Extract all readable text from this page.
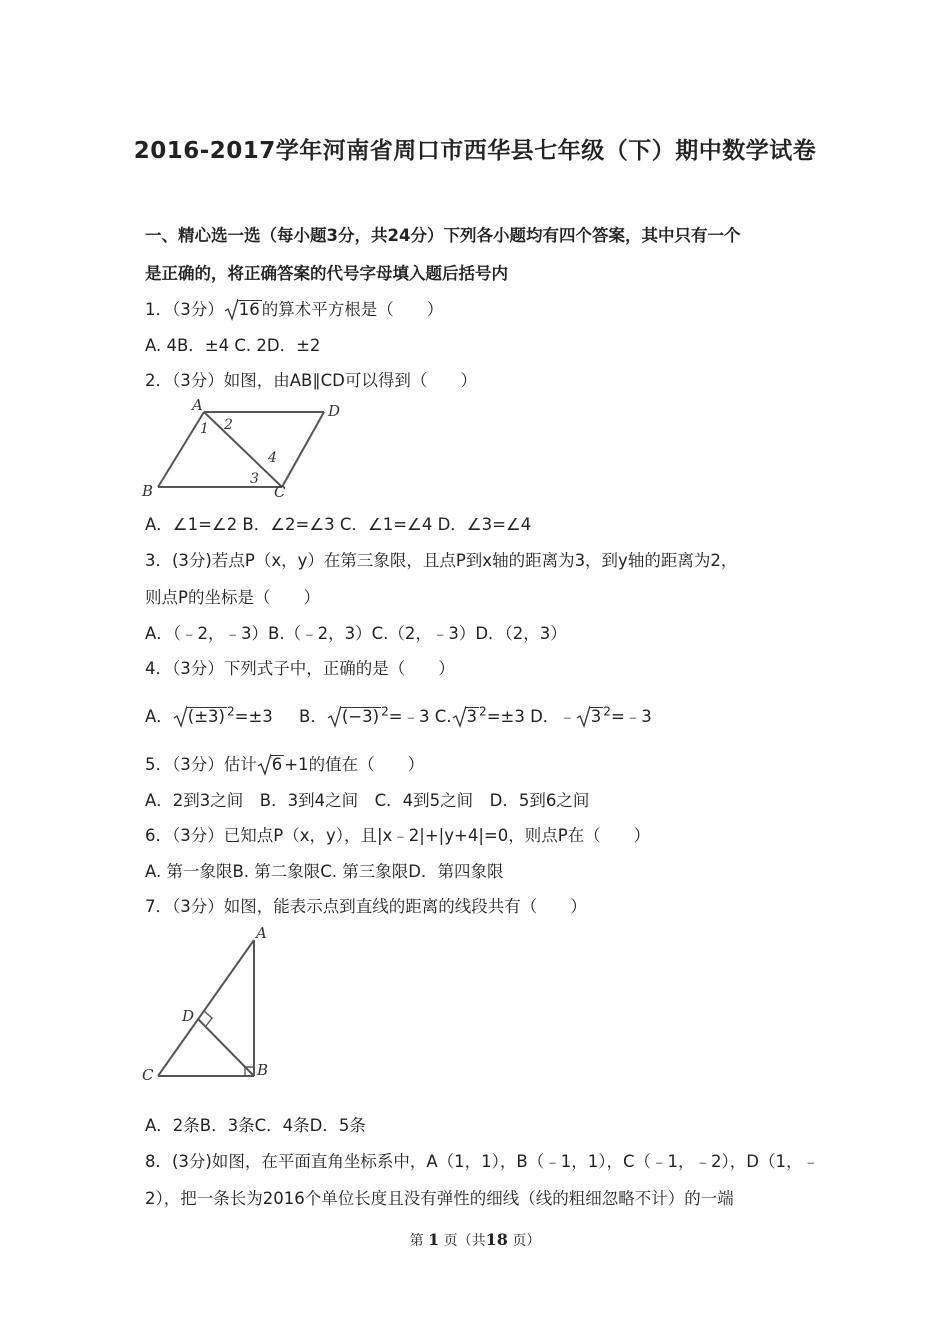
2016-2017学年河南省周口市西华县七年级（下）期中数学试卷
一、精心选一选（每小题3分，共24分）下列各小题均有四个答案，其中只有一个
是正确的，将正确答案的代号字母填入题后括号内
1．（3分） 16 的算术平方根是（　　）
A. 4B．±4 C. 2D．±2
2．（3分）如图，由AB∥CD可以得到（　　）
A	D
B	C
1 2
3
4
A．∠1=∠2 B．∠2=∠3 C．∠1=∠4 D．∠3=∠4
3．(3分)若点P（x，y）在第三象限，且点P到x轴的距离为3，到y轴的距离为2，
则点P的坐标是（　　）
A．（﹣2，﹣3）B.（﹣2，3）C.（2，﹣3）D．（2，3）
4．（3分）下列式子中，正确的是（　　）
A． (±3) $^2$=±3 B． (−3) $^2$=﹣3 C. 3 $^2$=±3 D．﹣ 3 $^2$=﹣3
5．（3分）估计 6 +1的值在（　　）
A．2到3之间　B．3到4之间　C．4到5之间　D．5到6之间
6．（3分）已知点P（x，y），且|x﹣2|+|y+4|=0，则点P在（　　）
A. 第一象限B. 第二象限C. 第三象限D．第四象限
7．（3分）如图，能表示点到直线的距离的线段共有（　　）
A
D
C	B
A．2条B．3条C．4条D．5条
8．(3分)如图，在平面直角坐标系中，A（1，1），B（﹣1，1），C（﹣1，﹣2），D（1，﹣
2），把一条长为2016个单位长度且没有弹性的细线（线的粗细忽略不计）的一端
第 1 页（共18 页）
